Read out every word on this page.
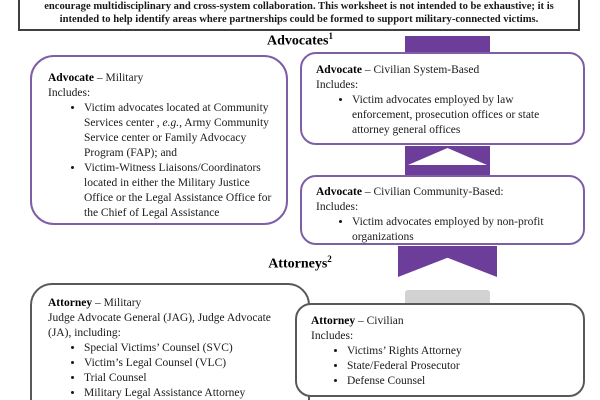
encourage multidisciplinary and cross-system collaboration. This worksheet is not intended to be exhaustive; it is intended to help identify areas where partnerships could be formed to support military-connected victims.
Advocates$^1$
Advocate – Military
Includes:
• Victim advocates located at Community Services center , e.g., Army Community Service center or Family Advocacy Program (FAP); and
• Victim-Witness Liaisons/Coordinators located in either the Military Justice Office or the Legal Assistance Office for the Chief of Legal Assistance
Advocate – Civilian System-Based
Includes:
• Victim advocates employed by law enforcement, prosecution offices or state attorney general offices
Advocate – Civilian Community-Based:
Includes:
• Victim advocates employed by non-profit organizations
Attorneys$^2$
Attorney – Military
Judge Advocate General (JAG), Judge Advocate (JA), including:
• Special Victims’ Counsel (SVC)
• Victim’s Legal Counsel (VLC)
• Trial Counsel
• Military Legal Assistance Attorney
Attorney – Civilian
Includes:
• Victims’ Rights Attorney
• State/Federal Prosecutor
• Defense Counsel
